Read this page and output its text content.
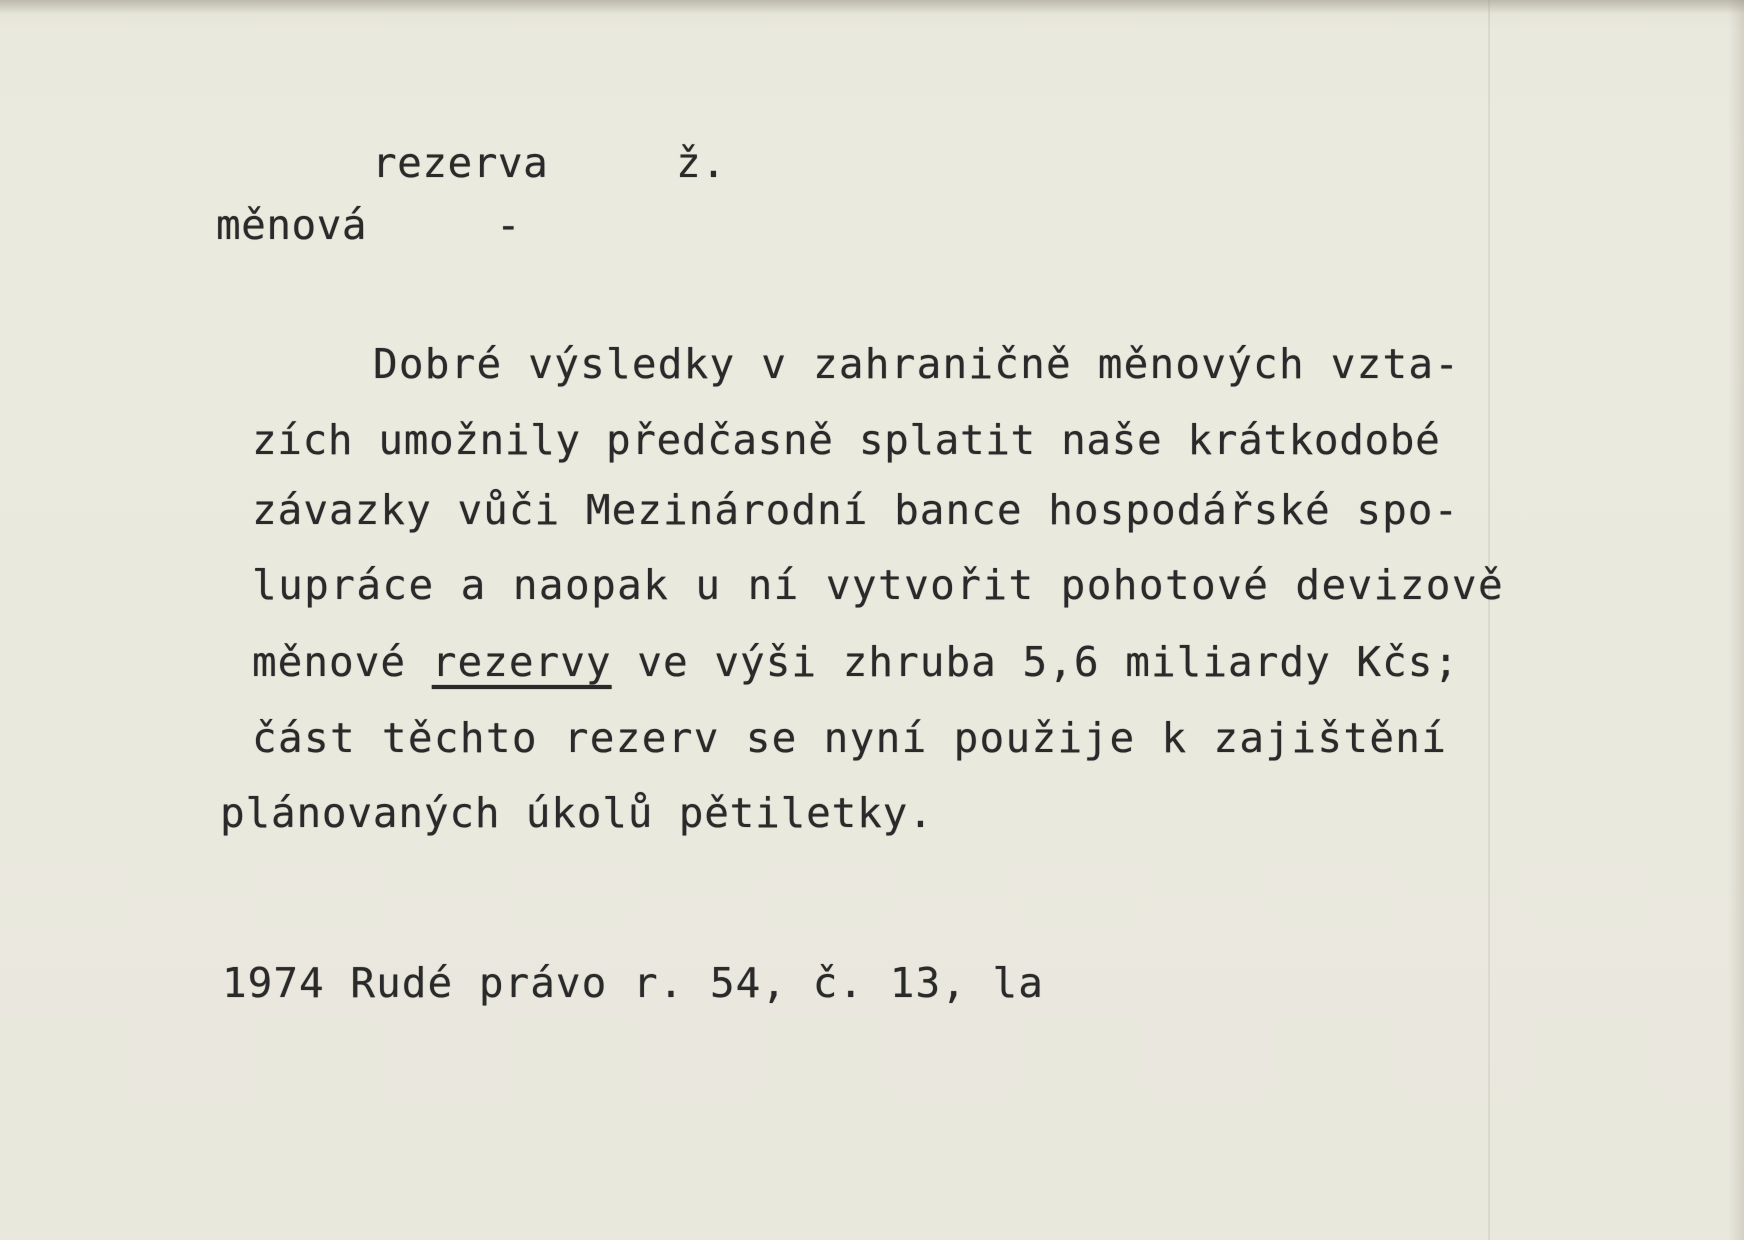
rezerva	ž.

měnová	-

Dobré výsledky v zahraničně měnových vzta-

zích umožnily předčasně splatit naše krátkodobé

závazky vůči Mezinárodní bance hospodářské spo-

lupráce a naopak u ní vytvořit pohotové devizově

měnové rezervy ve výši zhruba 5,6 miliardy Kčs;

část těchto rezerv se nyní použije k zajištění

plánovaných úkolů pětiletky.

1974 Rudé právo r. 54, č. 13, la
